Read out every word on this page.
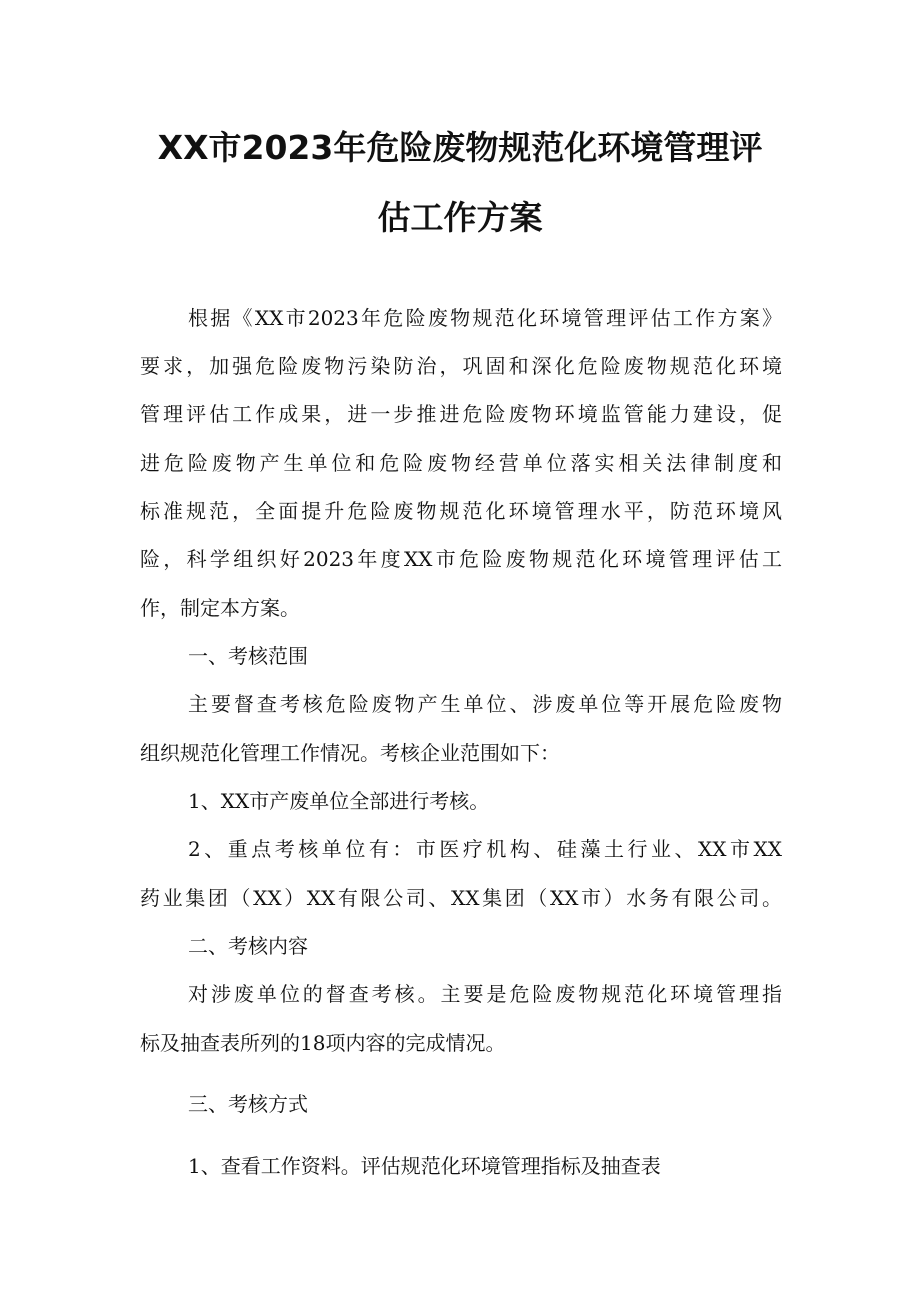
XX市2023年危险废物规范化环境管理评
估工作方案
根据《XX市2023年危险废物规范化环境管理评估工作方案》
要求，加强危险废物污染防治，巩固和深化危险废物规范化环境
管理评估工作成果，进一步推进危险废物环境监管能力建设，促
进危险废物产生单位和危险废物经营单位落实相关法律制度和
标准规范，全面提升危险废物规范化环境管理水平，防范环境风
险，科学组织好2023年度XX市危险废物规范化环境管理评估工
作，制定本方案。
一、考核范围
主要督查考核危险废物产生单位、涉废单位等开展危险废物
组织规范化管理工作情况。考核企业范围如下：
1、XX市产废单位全部进行考核。
2、重点考核单位有：市医疗机构、硅藻土行业、XX市XX
药业集团（XX）XX有限公司、XX集团（XX市）水务有限公司。
二、考核内容
对涉废单位的督查考核。主要是危险废物规范化环境管理指
标及抽查表所列的18项内容的完成情况。
三、考核方式
1、查看工作资料。评估规范化环境管理指标及抽查表
